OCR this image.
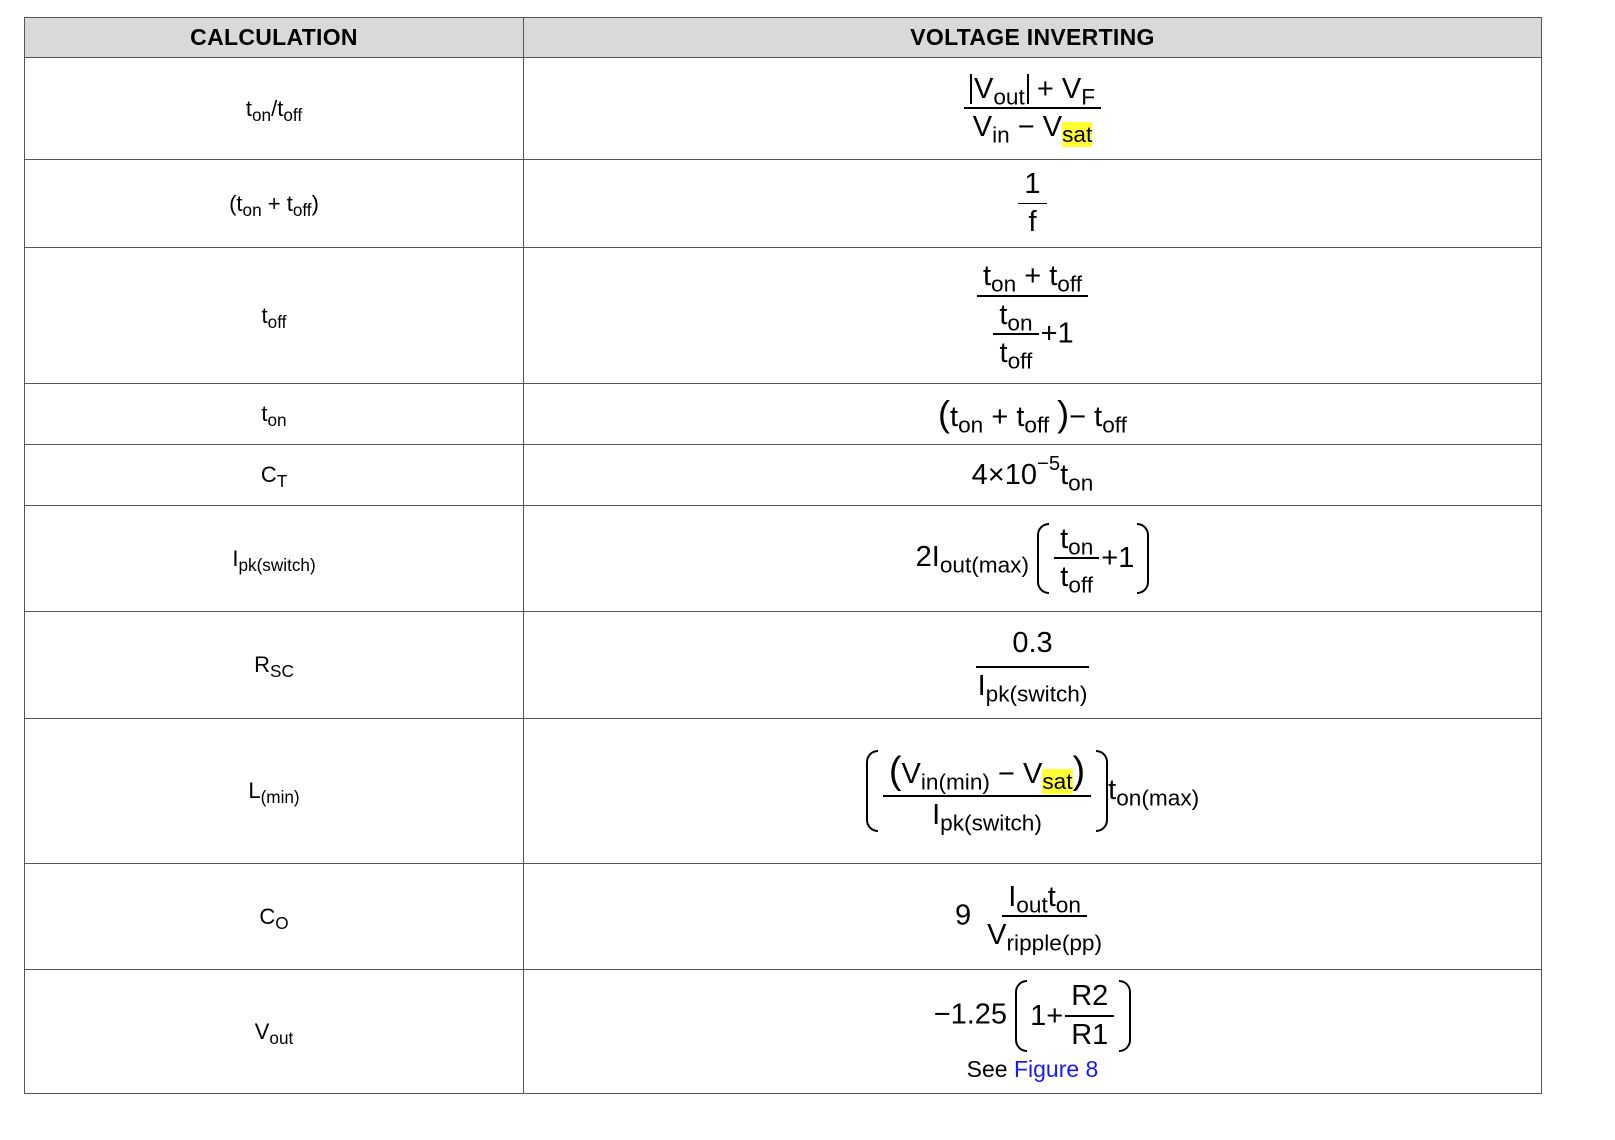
CALCULATION	VOLTAGE INVERTING
$t_{on}/t_{off}$	$\frac{V_{out} + V_F}{V_{in} - V_{sat}}$

$(t_{on} + t_{off})$	$\frac{1}{f}$

$t_{off}$	$\frac{t_{on} + t_{off}}{\frac{t_{on}}{t_{off}} +1}$

$t_{on}$	($t_{on} + t_{off}$ )− $t_{off}$
$C_T$	$4\times 10^{-5}t_{on}$
$I_{pk(switch)}$	$2I_{out(max)} \frac{t_{on}}{t_{off}} + 1$

$R_{SC}$	$\frac{0.3}{I_{pk(switch)}}$

$L_{(min)}$	$\frac{(V_{in(min)} - V_{sat})}{I_{pk(switch)}} t_{on(max)}$
$C_O$	$9 \frac{I_{out}t_{on}}{V_{ripple(pp)}}$

$V_{out}$	−1.25 $1+ \frac{R2}{R1}$
See Figure 8
